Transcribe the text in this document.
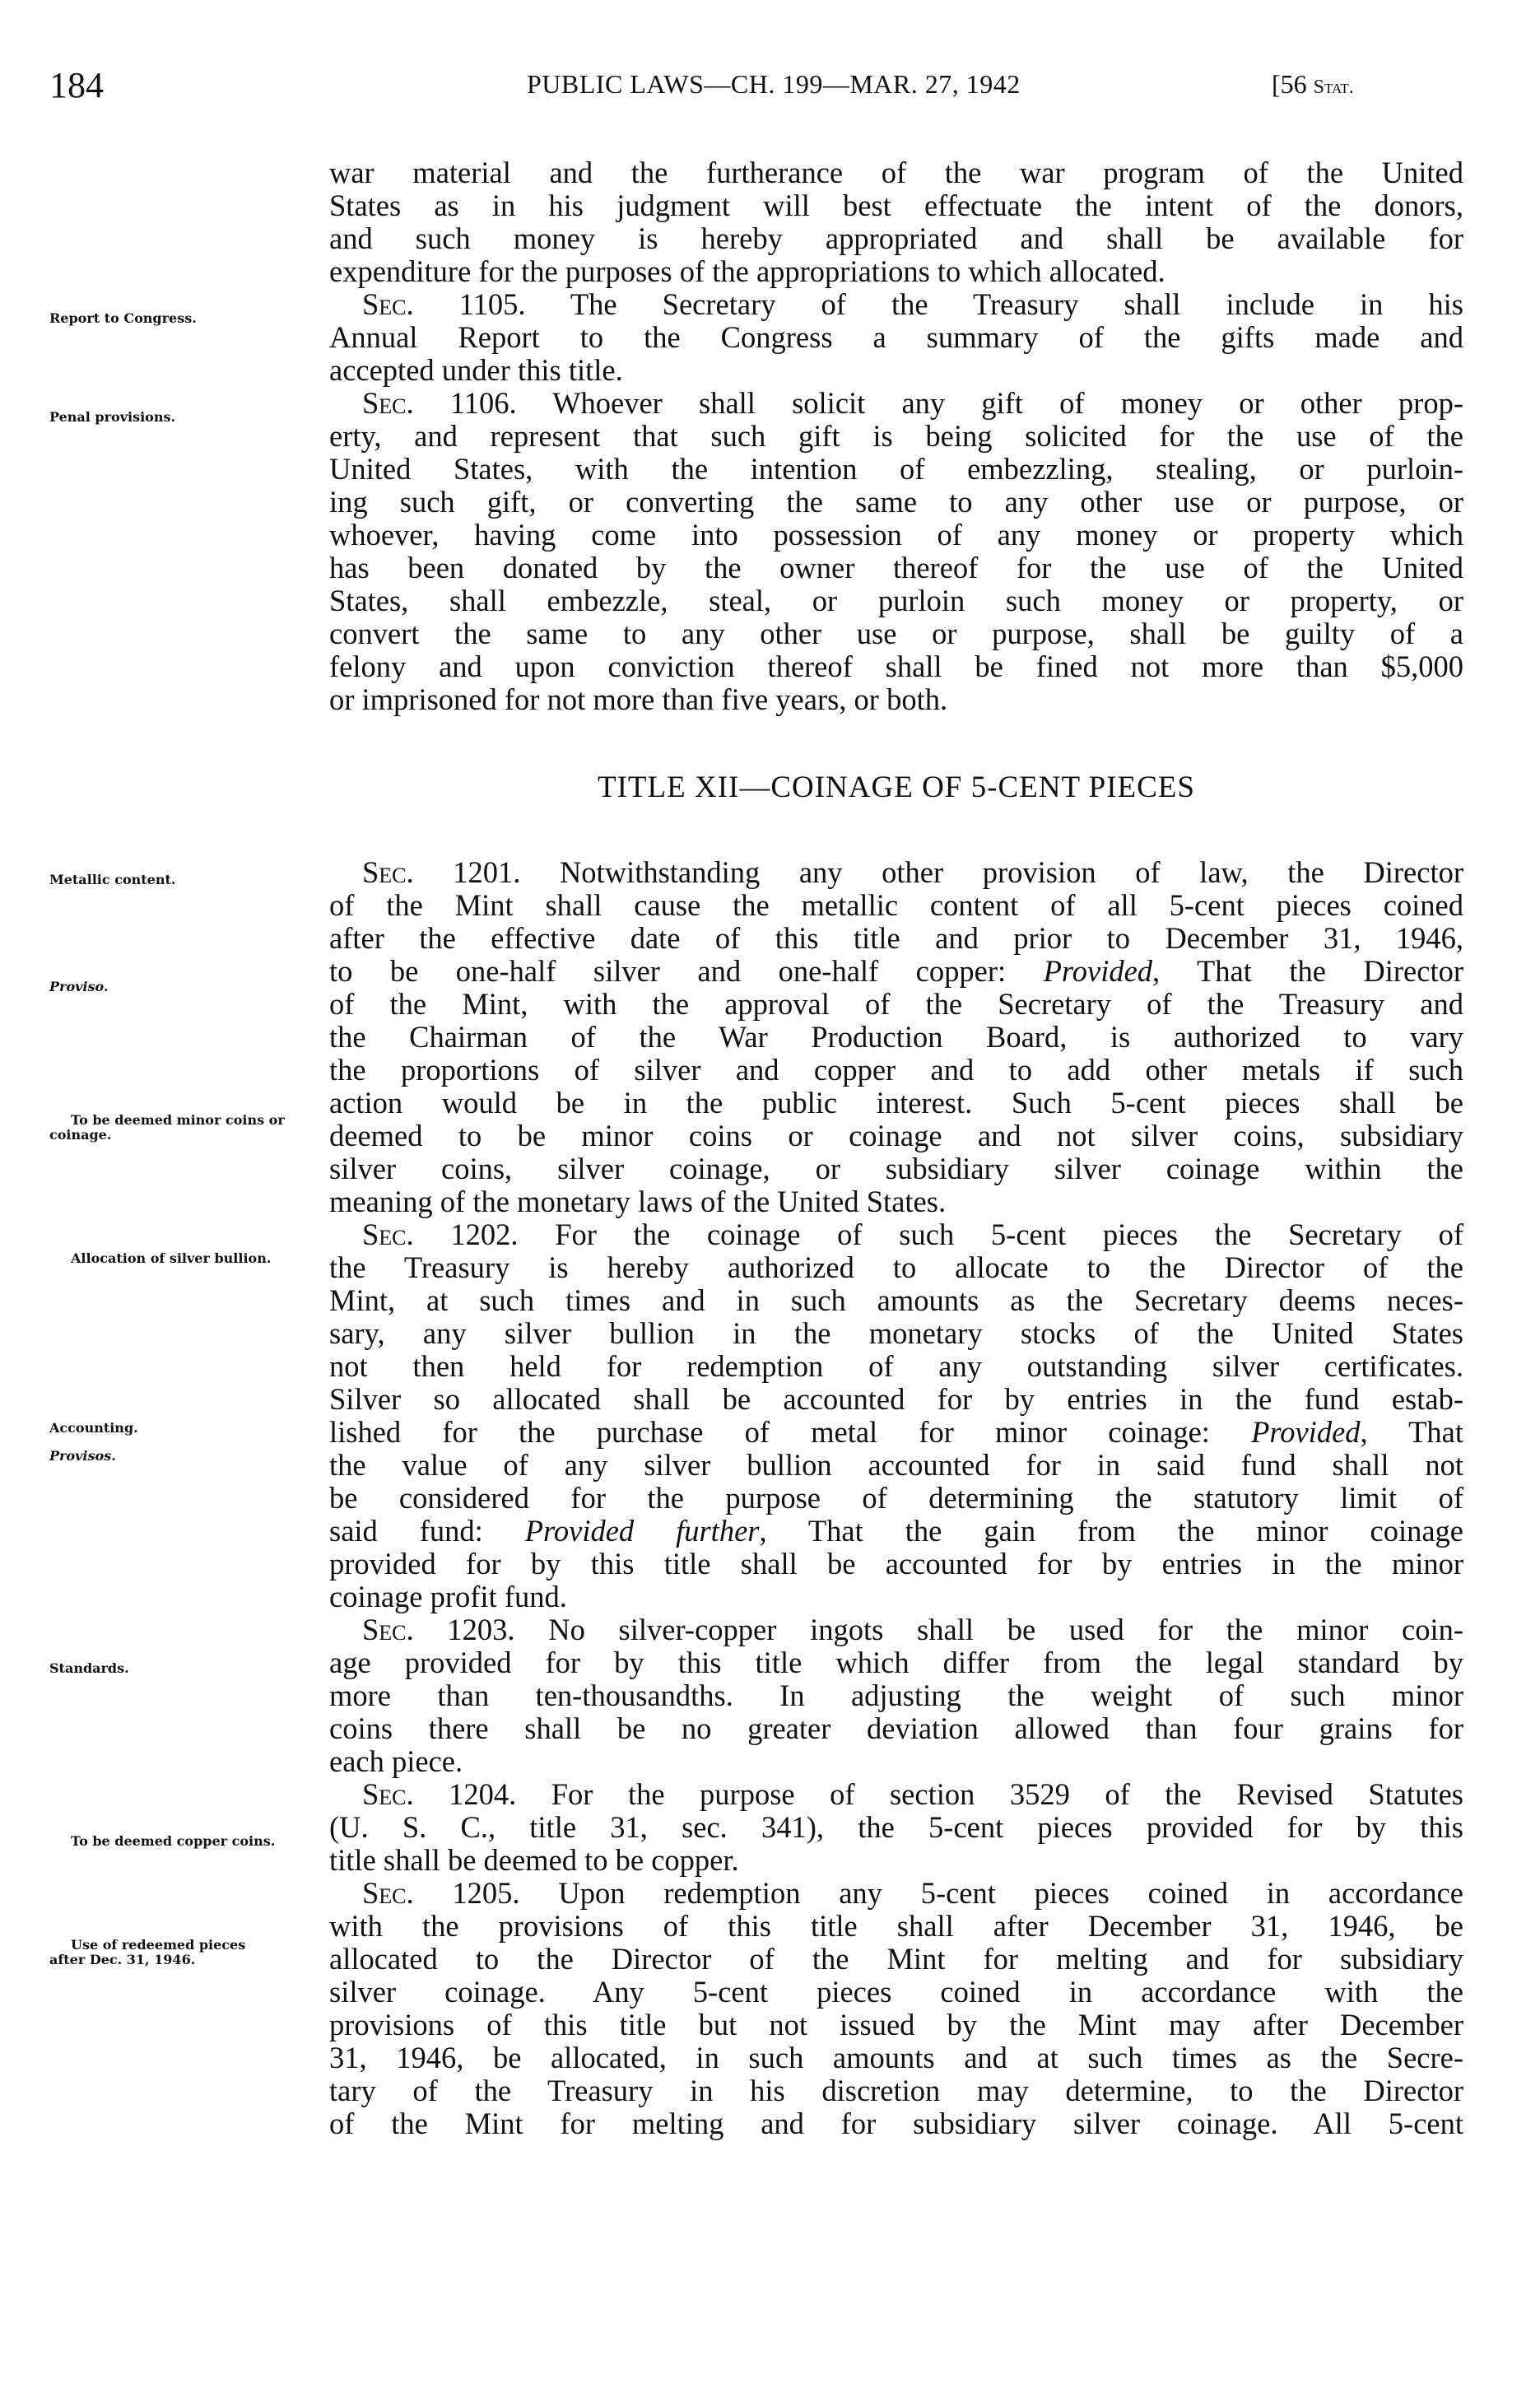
184	PUBLIC LAWS—CH. 199—MAR. 27, 1942	[56 Stat.
Report to Congress.
Penal provisions.
Metallic content.
Proviso.
To be deemed minor coins or coinage.
Allocation of silver bullion.
Accounting.
Provisos.
Standards.
To be deemed copper coins.
Use of redeemed pieces after Dec. 31, 1946.
war material and the furtherance of the war program of the United
States as in his judgment will best effectuate the intent of the donors,
and such money is hereby appropriated and shall be available for
expenditure for the purposes of the appropriations to which allocated.
Sec. 1105. The Secretary of the Treasury shall include in his
Annual Report to the Congress a summary of the gifts made and
accepted under this title.
Sec. 1106. Whoever shall solicit any gift of money or other prop-
erty, and represent that such gift is being solicited for the use of the
United States, with the intention of embezzling, stealing, or purloin-
ing such gift, or converting the same to any other use or purpose, or
whoever, having come into possession of any money or property which
has been donated by the owner thereof for the use of the United
States, shall embezzle, steal, or purloin such money or property, or
convert the same to any other use or purpose, shall be guilty of a
felony and upon conviction thereof shall be fined not more than $5,000
or imprisoned for not more than five years, or both.
TITLE XII—COINAGE OF 5-CENT PIECES
Sec. 1201. Notwithstanding any other provision of law, the Director
of the Mint shall cause the metallic content of all 5-cent pieces coined
after the effective date of this title and prior to December 31, 1946,
to be one-half silver and one-half copper: Provided, That the Director
of the Mint, with the approval of the Secretary of the Treasury and
the Chairman of the War Production Board, is authorized to vary
the proportions of silver and copper and to add other metals if such
action would be in the public interest. Such 5-cent pieces shall be
deemed to be minor coins or coinage and not silver coins, subsidiary
silver coins, silver coinage, or subsidiary silver coinage within the
meaning of the monetary laws of the United States.
Sec. 1202. For the coinage of such 5-cent pieces the Secretary of
the Treasury is hereby authorized to allocate to the Director of the
Mint, at such times and in such amounts as the Secretary deems neces-
sary, any silver bullion in the monetary stocks of the United States
not then held for redemption of any outstanding silver certificates.
Silver so allocated shall be accounted for by entries in the fund estab-
lished for the purchase of metal for minor coinage: Provided, That
the value of any silver bullion accounted for in said fund shall not
be considered for the purpose of determining the statutory limit of
said fund: Provided further, That the gain from the minor coinage
provided for by this title shall be accounted for by entries in the minor
coinage profit fund.
Sec. 1203. No silver-copper ingots shall be used for the minor coin-
age provided for by this title which differ from the legal standard by
more than ten-thousandths. In adjusting the weight of such minor
coins there shall be no greater deviation allowed than four grains for
each piece.
Sec. 1204. For the purpose of section 3529 of the Revised Statutes
(U. S. C., title 31, sec. 341), the 5-cent pieces provided for by this
title shall be deemed to be copper.
Sec. 1205. Upon redemption any 5-cent pieces coined in accordance
with the provisions of this title shall after December 31, 1946, be
allocated to the Director of the Mint for melting and for subsidiary
silver coinage. Any 5-cent pieces coined in accordance with the
provisions of this title but not issued by the Mint may after December
31, 1946, be allocated, in such amounts and at such times as the Secre-
tary of the Treasury in his discretion may determine, to the Director
of the Mint for melting and for subsidiary silver coinage. All 5-cent
